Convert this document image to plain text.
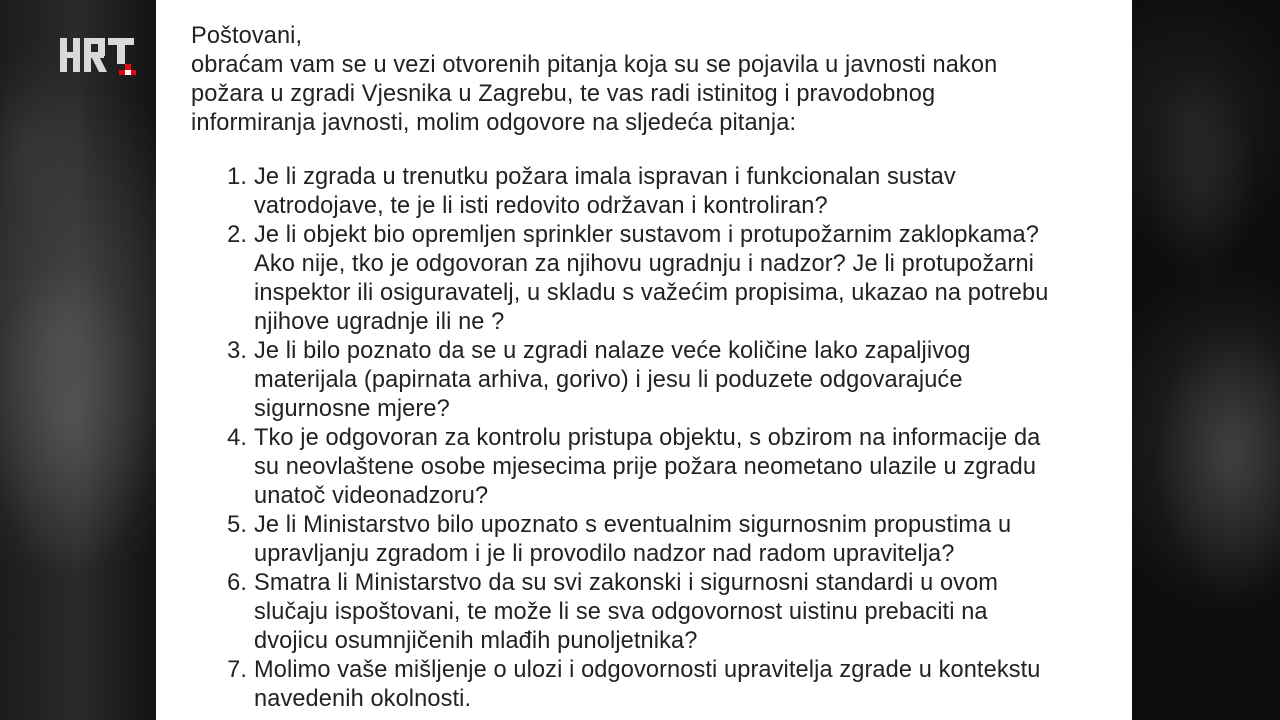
Poštovani,

obraćam vam se u vezi otvorenih pitanja koja su se pojavila u javnosti nakon
požara u zgradi Vjesnika u Zagrebu, te vas radi istinitog i pravodobnog
informiranja javnosti, molim odgovore na sljedeća pitanja:

1. Je li zgrada u trenutku požara imala ispravan i funkcionalan sustav
vatrodojave, te je li isti redovito održavan i kontroliran?
2. Je li objekt bio opremljen sprinkler sustavom i protupožarnim zaklopkama?
Ako nije, tko je odgovoran za njihovu ugradnju i nadzor? Je li protupožarni
inspektor ili osiguravatelj, u skladu s važećim propisima, ukazao na potrebu
njihove ugradnje ili ne ?
3. Je li bilo poznato da se u zgradi nalaze veće količine lako zapaljivog
materijala (papirnata arhiva, gorivo) i jesu li poduzete odgovarajuće
sigurnosne mjere?
4. Tko je odgovoran za kontrolu pristupa objektu, s obzirom na informacije da
su neovlaštene osobe mjesecima prije požara neometano ulazile u zgradu
unatoč videonadzoru?
5. Je li Ministarstvo bilo upoznato s eventualnim sigurnosnim propustima u
upravljanju zgradom i je li provodilo nadzor nad radom upravitelja?
6. Smatra li Ministarstvo da su svi zakonski i sigurnosni standardi u ovom
slučaju ispoštovani, te može li se sva odgovornost uistinu prebaciti na
dvojicu osumnjičenih mlađih punoljetnika?
7. Molimo vaše mišljenje o ulozi i odgovornosti upravitelja zgrade u kontekstu
navedenih okolnosti.
